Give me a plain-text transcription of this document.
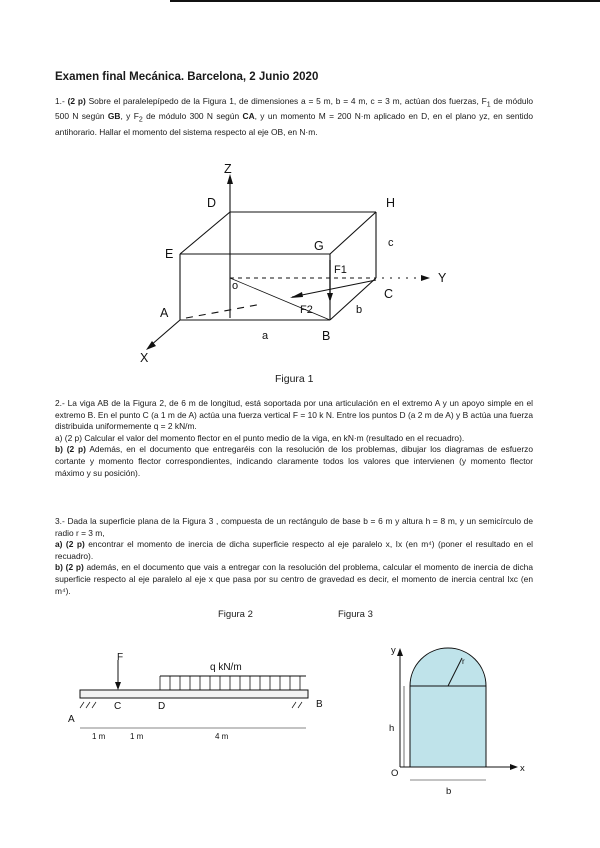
Examen final Mecánica. Barcelona, 2 Junio 2020
1.- (2 p) Sobre el paralelepípedo de la Figura 1, de dimensiones a = 5 m, b = 4 m, c = 3 m, actúan dos fuerzas, $F_1$ de módulo 500 N según GB, y $F_2$ de módulo 300 N según CA, y un momento M = 200 N·m aplicado en D, en el plano yz, en sentido antihorario. Hallar el momento del sistema respecto al eje OB, en N·m.
Z
D	H
E
G	c
F1
Y
o
C
A	F2	b
a	B
X
Figura 1
2.- La viga AB de la Figura 2, de 6 m de longitud, está soportada por una articulación en el extremo A y un apoyo simple en el extremo B. En el punto C (a 1 m de A) actúa una fuerza vertical F = 10 k N. Entre los puntos D (a 2 m de A) y B actúa una fuerza distribuida uniformemente q = 2 kN/m.
a) (2 p) Calcular el valor del momento flector en el punto medio de la viga, en kN·m (resultado en el recuadro).
b) (2 p) Además, en el documento que entregaréis con la resolución de los problemas, dibujar los diagramas de esfuerzo cortante y momento flector correspondientes, indicando claramente todos los valores que intervienen (y momento flector máximo y su posición).
3.- Dada la superficie plana de la Figura 3 , compuesta de un rectángulo de base b = 6 m y altura h = 8 m, y un semicírculo de radio r = 3 m,
a) (2 p) encontrar el momento de inercia de dicha superficie respecto al eje paralelo x, Ix (en m⁴) (poner el resultado en el recuadro).
b) (2 p) además, en el documento que vais a entregar con la resolución del problema, calcular el momento de inercia de dicha superficie respecto al eje paralelo al eje x que pasa por su centro de gravedad es decir, el momento de inercia central Ixc (en m⁴).
Figura 2	Figura 3
F
q kN/m
A
C	D	B
1 m	1 m	4 m
y
r
h
O	x
b
